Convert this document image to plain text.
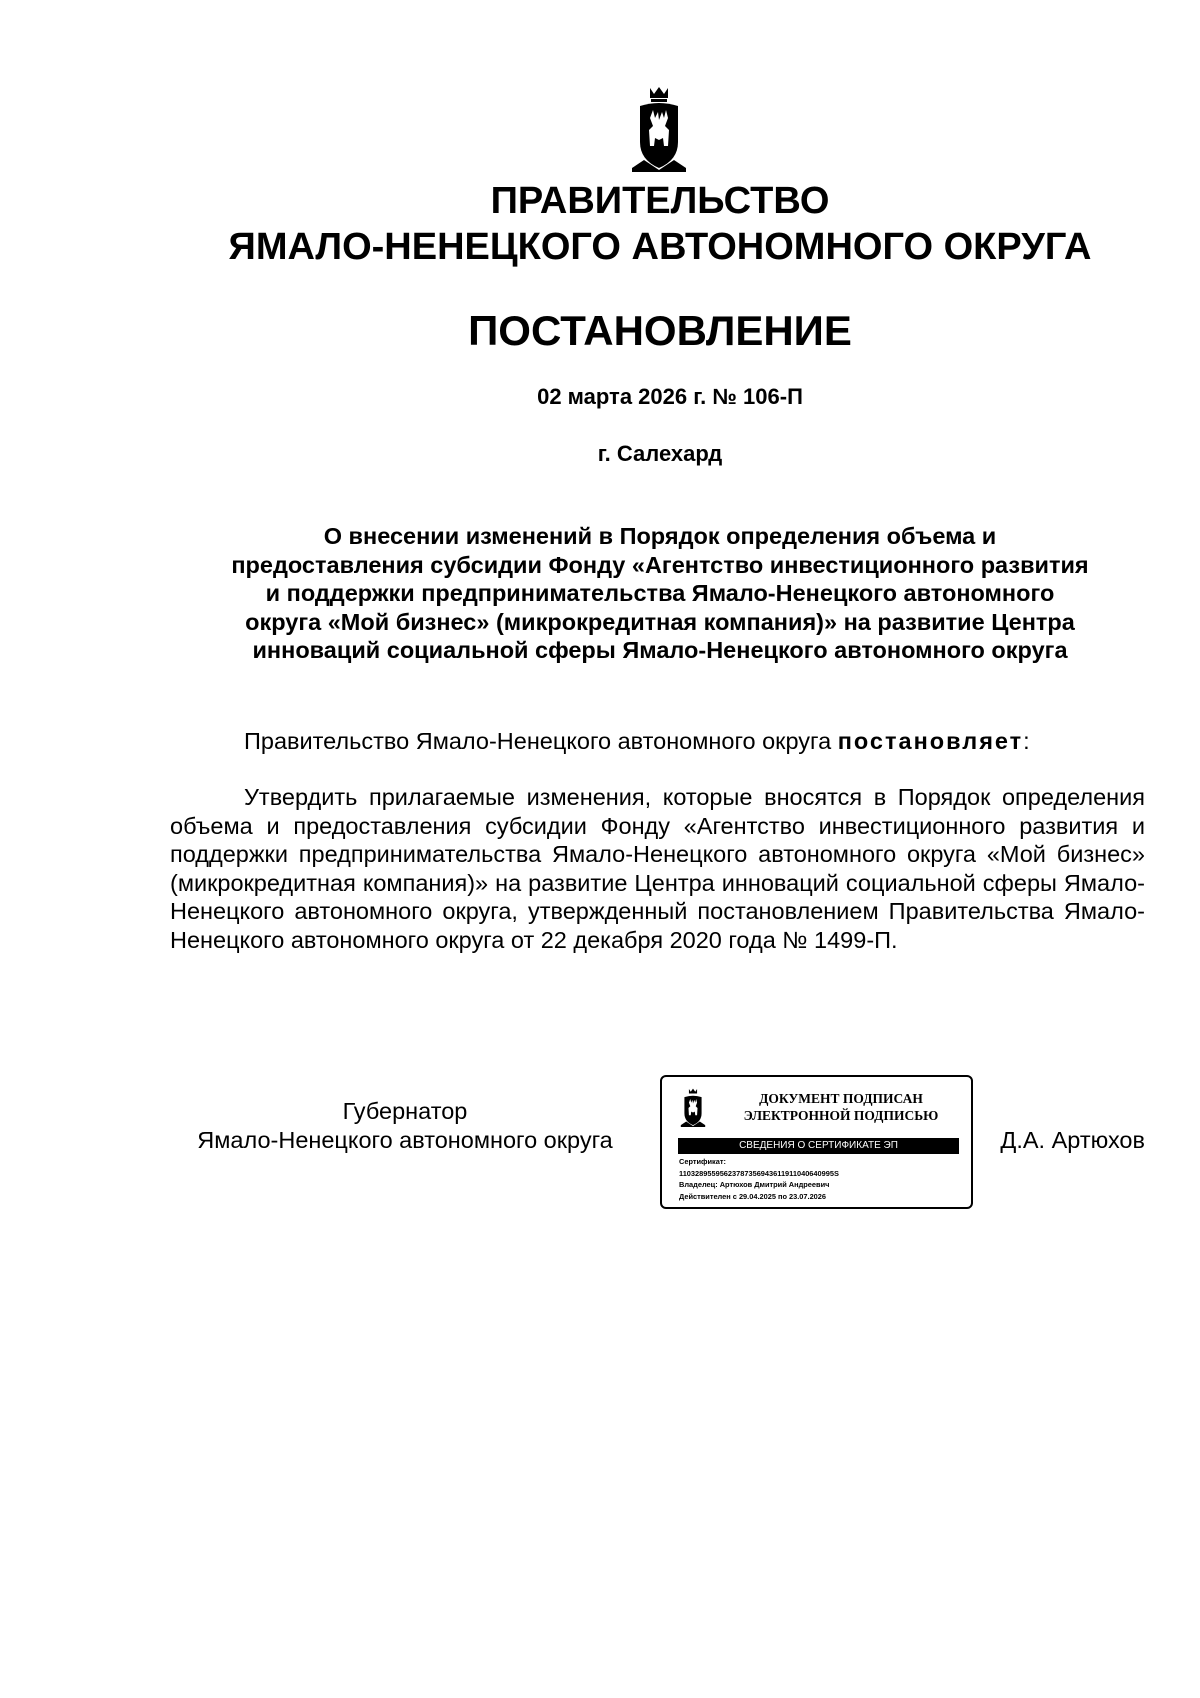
ПРАВИТЕЛЬСТВО
ЯМАЛО-НЕНЕЦКОГО АВТОНОМНОГО ОКРУГА
ПОСТАНОВЛЕНИЕ
02 марта 2026 г. № 106-П
г. Салехард
О внесении изменений в Порядок определения объема и
предоставления субсидии Фонду «Агентство инвестиционного развития
и поддержки предпринимательства Ямало-Ненецкого автономного
округа «Мой бизнес» (микрокредитная компания)» на развитие Центра
инноваций социальной сферы Ямало-Ненецкого автономного округа
Правительство Ямало-Ненецкого автономного округа постановляет:
Утвердить прилагаемые изменения, которые вносятся в Порядок определения объема и предоставления субсидии Фонду «Агентство инвестиционного развития и поддержки предпринимательства Ямало-Ненецкого автономного округа «Мой бизнес» (микрокредитная компания)» на развитие Центра инноваций социальной сферы Ямало-Ненецкого автономного округа, утвержденный постановлением Правительства Ямало-Ненецкого автономного округа от 22 декабря 2020 года № 1499-П.
Губернатор
Ямало-Ненецкого автономного округа
ДОКУМЕНТ ПОДПИСАН
ЭЛЕКТРОННОЙ ПОДПИСЬЮ
СВЕДЕНИЯ О СЕРТИФИКАТЕ ЭП
Сертификат:
11032895595623787356943611911040640995S
Владелец: Артюхов Дмитрий Андреевич
Действителен с 29.04.2025 по 23.07.2026
Д.А. Артюхов
